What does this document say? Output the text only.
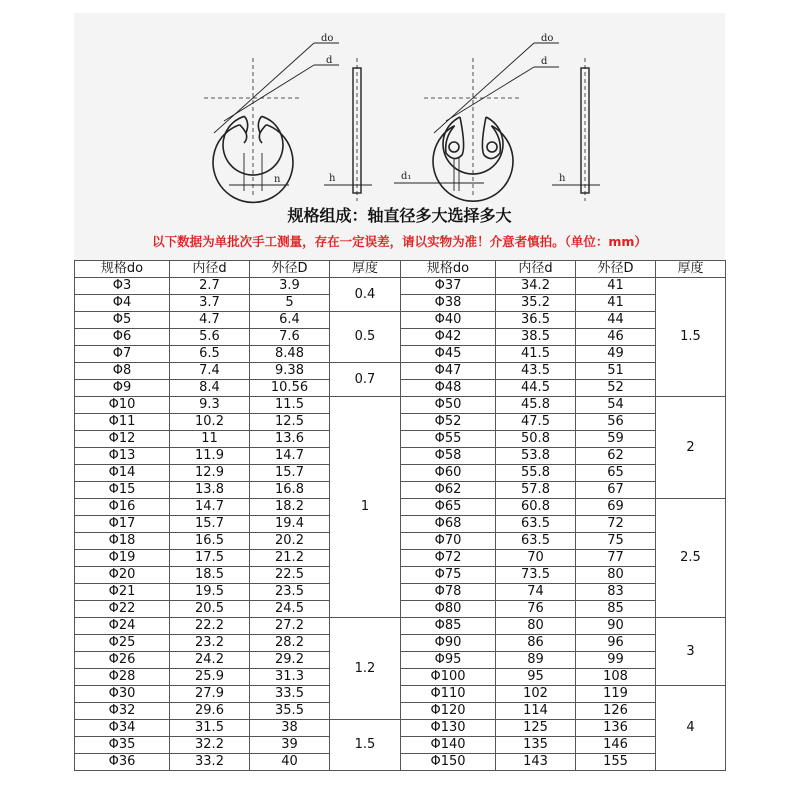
do
d
n	h
do
d
d₁	h
规格组成：轴直径多大选择多大
以下数据为单批次手工测量，存在一定误差，请以实物为准！介意者慎拍。（单位：mm）
规格do	内径d	外径D	厚度	规格do	内径d	外径D	厚度
Φ3	2.7	3.9	0.4	Φ37	34.2	41	1.5
Φ4	3.7	5		Φ38	35.2	41	
Φ5	4.7	6.4	0.5	Φ40	36.5	44	
Φ6	5.6	7.6		Φ42	38.5	46	
Φ7	6.5	8.48		Φ45	41.5	49	
Φ8	7.4	9.38	0.7	Φ47	43.5	51	
Φ9	8.4	10.56		Φ48	44.5	52	
Φ10	9.3	11.5	1	Φ50	45.8	54	2
Φ11	10.2	12.5		Φ52	47.5	56	
Φ12	11	13.6		Φ55	50.8	59	
Φ13	11.9	14.7		Φ58	53.8	62	
Φ14	12.9	15.7		Φ60	55.8	65	
Φ15	13.8	16.8		Φ62	57.8	67	
Φ16	14.7	18.2		Φ65	60.8	69	2.5
Φ17	15.7	19.4		Φ68	63.5	72	
Φ18	16.5	20.2		Φ70	63.5	75	
Φ19	17.5	21.2		Φ72	70	77	
Φ20	18.5	22.5		Φ75	73.5	80	
Φ21	19.5	23.5		Φ78	74	83	
Φ22	20.5	24.5		Φ80	76	85	
Φ24	22.2	27.2	1.2	Φ85	80	90	3
Φ25	23.2	28.2		Φ90	86	96	
Φ26	24.2	29.2		Φ95	89	99	
Φ28	25.9	31.3		Φ100	95	108	
Φ30	27.9	33.5		Φ110	102	119	4
Φ32	29.6	35.5		Φ120	114	126	
Φ34	31.5	38	1.5	Φ130	125	136	
Φ35	32.2	39		Φ140	135	146	
Φ36	33.2	40		Φ150	143	155	
